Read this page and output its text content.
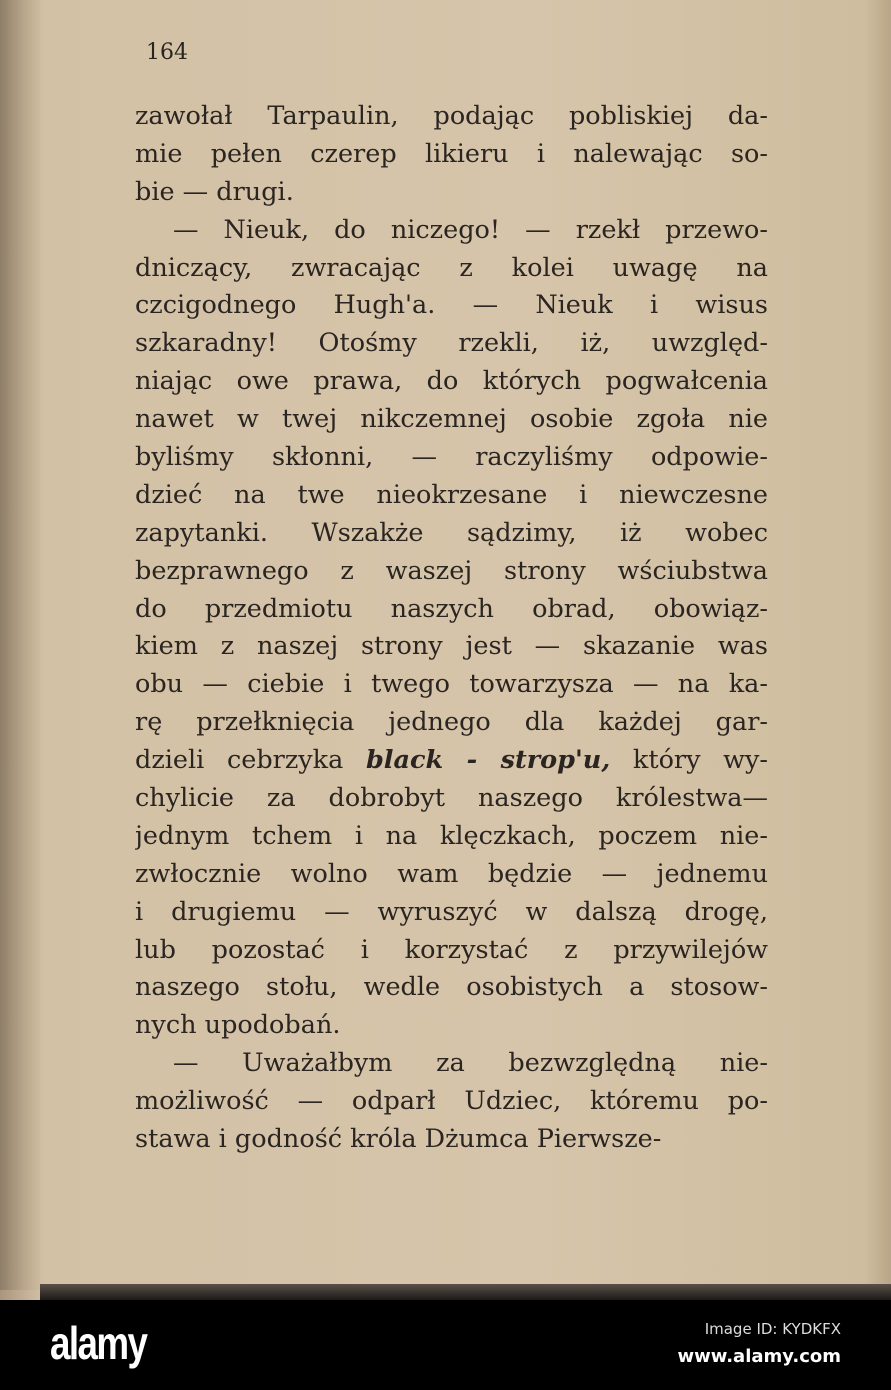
164
zawołał Tarpaulin, podając pobliskiej da-
mie pełen czerep likieru i nalewając so-
bie — drugi.
— Nieuk, do niczego! — rzekł przewo-
dniczący, zwracając z kolei uwagę na
czcigodnego Hugh'a. — Nieuk i wisus
szkaradny! Otośmy rzekli, iż, uwzględ-
niając owe prawa, do których pogwałcenia
nawet w twej nikczemnej osobie zgoła nie
byliśmy skłonni, — raczyliśmy odpowie-
dzieć na twe nieokrzesane i niewczesne
zapytanki. Wszakże sądzimy, iż wobec
bezprawnego z waszej strony wściubstwa
do przedmiotu naszych obrad, obowiąz-
kiem z naszej strony jest — skazanie was
obu — ciebie i twego towarzysza — na ka-
rę przełknięcia jednego dla każdej gar-
dzieli cebrzyka black - strop'u, który wy-
chylicie za dobrobyt naszego królestwa—
jednym tchem i na klęczkach, poczem nie-
zwłocznie wolno wam będzie — jednemu
i drugiemu — wyruszyć w dalszą drogę,
lub pozostać i korzystać z przywilejów
naszego stołu, wedle osobistych a stosow-
nych upodobań.
— Uważałbym za bezwzględną nie-
możliwość — odparł Udziec, któremu po-
stawa i godność króla Dżumca Pierwsze-
alamy	Image ID: KYDKFX
www.alamy.com
